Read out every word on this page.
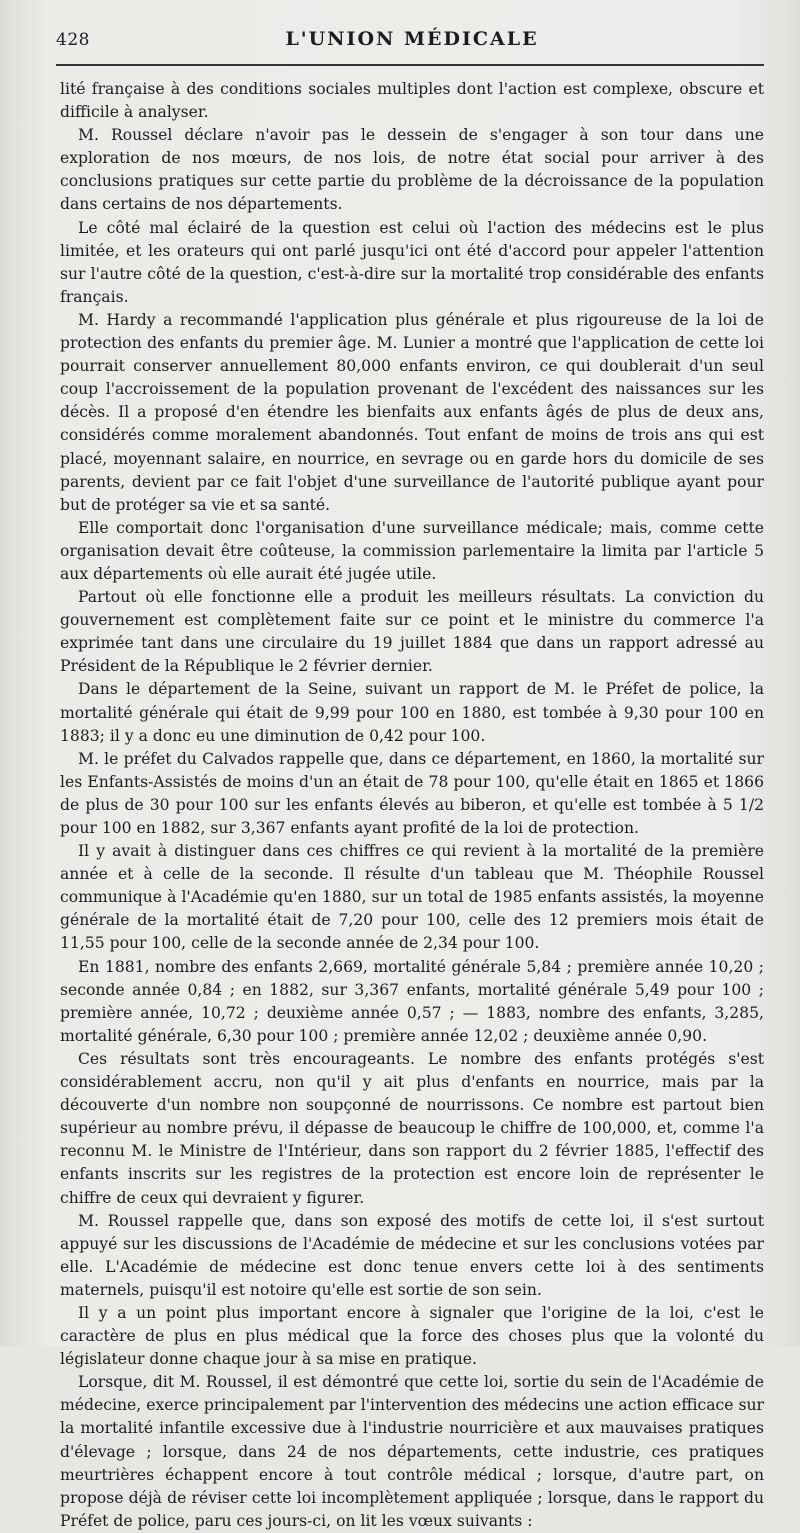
428	L'UNION MÉDICALE

lité française à des conditions sociales multiples dont l'action est complexe, obscure et difficile à analyser.

M. Roussel déclare n'avoir pas le dessein de s'engager à son tour dans une exploration de nos mœurs, de nos lois, de notre état social pour arriver à des conclusions pratiques sur cette partie du problème de la décroissance de la population dans certains de nos départements.

Le côté mal éclairé de la question est celui où l'action des médecins est le plus limitée, et les orateurs qui ont parlé jusqu'ici ont été d'accord pour appeler l'attention sur l'autre côté de la question, c'est-à-dire sur la mortalité trop considérable des enfants français.

M. Hardy a recommandé l'application plus générale et plus rigoureuse de la loi de protection des enfants du premier âge. M. Lunier a montré que l'application de cette loi pourrait conserver annuellement 80,000 enfants environ, ce qui doublerait d'un seul coup l'accroissement de la population provenant de l'excédent des naissances sur les décès. Il a proposé d'en étendre les bienfaits aux enfants âgés de plus de deux ans, considérés comme moralement abandonnés. Tout enfant de moins de trois ans qui est placé, moyennant salaire, en nourrice, en sevrage ou en garde hors du domicile de ses parents, devient par ce fait l'objet d'une surveillance de l'autorité publique ayant pour but de protéger sa vie et sa santé.

Elle comportait donc l'organisation d'une surveillance médicale; mais, comme cette organisation devait être coûteuse, la commission parlementaire la limita par l'article 5 aux départements où elle aurait été jugée utile.

Partout où elle fonctionne elle a produit les meilleurs résultats. La conviction du gouvernement est complètement faite sur ce point et le ministre du commerce l'a exprimée tant dans une circulaire du 19 juillet 1884 que dans un rapport adressé au Président de la République le 2 février dernier.

Dans le département de la Seine, suivant un rapport de M. le Préfet de police, la mortalité générale qui était de 9,99 pour 100 en 1880, est tombée à 9,30 pour 100 en 1883; il y a donc eu une diminution de 0,42 pour 100.

M. le préfet du Calvados rappelle que, dans ce département, en 1860, la mortalité sur les Enfants-Assistés de moins d'un an était de 78 pour 100, qu'elle était en 1865 et 1866 de plus de 30 pour 100 sur les enfants élevés au biberon, et qu'elle est tombée à 5 1/2 pour 100 en 1882, sur 3,367 enfants ayant profité de la loi de protection.

Il y avait à distinguer dans ces chiffres ce qui revient à la mortalité de la première année et à celle de la seconde. Il résulte d'un tableau que M. Théophile Roussel communique à l'Académie qu'en 1880, sur un total de 1985 enfants assistés, la moyenne générale de la mortalité était de 7,20 pour 100, celle des 12 premiers mois était de 11,55 pour 100, celle de la seconde année de 2,34 pour 100.

En 1881, nombre des enfants 2,669, mortalité générale 5,84 ; première année 10,20 ; seconde année 0,84 ; en 1882, sur 3,367 enfants, mortalité générale 5,49 pour 100 ; première année, 10,72 ; deuxième année 0,57 ; — 1883, nombre des enfants, 3,285, mortalité générale, 6,30 pour 100 ; première année 12,02 ; deuxième année 0,90.

Ces résultats sont très encourageants. Le nombre des enfants protégés s'est considérablement accru, non qu'il y ait plus d'enfants en nourrice, mais par la découverte d'un nombre non soupçonné de nourrissons. Ce nombre est partout bien supérieur au nombre prévu, il dépasse de beaucoup le chiffre de 100,000, et, comme l'a reconnu M. le Ministre de l'Intérieur, dans son rapport du 2 février 1885, l'effectif des enfants inscrits sur les registres de la protection est encore loin de représenter le chiffre de ceux qui devraient y figurer.

M. Roussel rappelle que, dans son exposé des motifs de cette loi, il s'est surtout appuyé sur les discussions de l'Académie de médecine et sur les conclusions votées par elle. L'Académie de médecine est donc tenue envers cette loi à des sentiments maternels, puisqu'il est notoire qu'elle est sortie de son sein.

Il y a un point plus important encore à signaler que l'origine de la loi, c'est le caractère de plus en plus médical que la force des choses plus que la volonté du législateur donne chaque jour à sa mise en pratique.

Lorsque, dit M. Roussel, il est démontré que cette loi, sortie du sein de l'Académie de médecine, exerce principalement par l'intervention des médecins une action efficace sur la mortalité infantile excessive due à l'industrie nourricière et aux mauvaises pratiques d'élevage ; lorsque, dans 24 de nos départements, cette industrie, ces pratiques meurtrières échappent encore à tout contrôle médical ; lorsque, d'autre part, on propose déjà de réviser cette loi incomplètement appliquée ; lorsque, dans le rapport du Préfet de police, paru ces jours-ci, on lit les vœux suivants :
